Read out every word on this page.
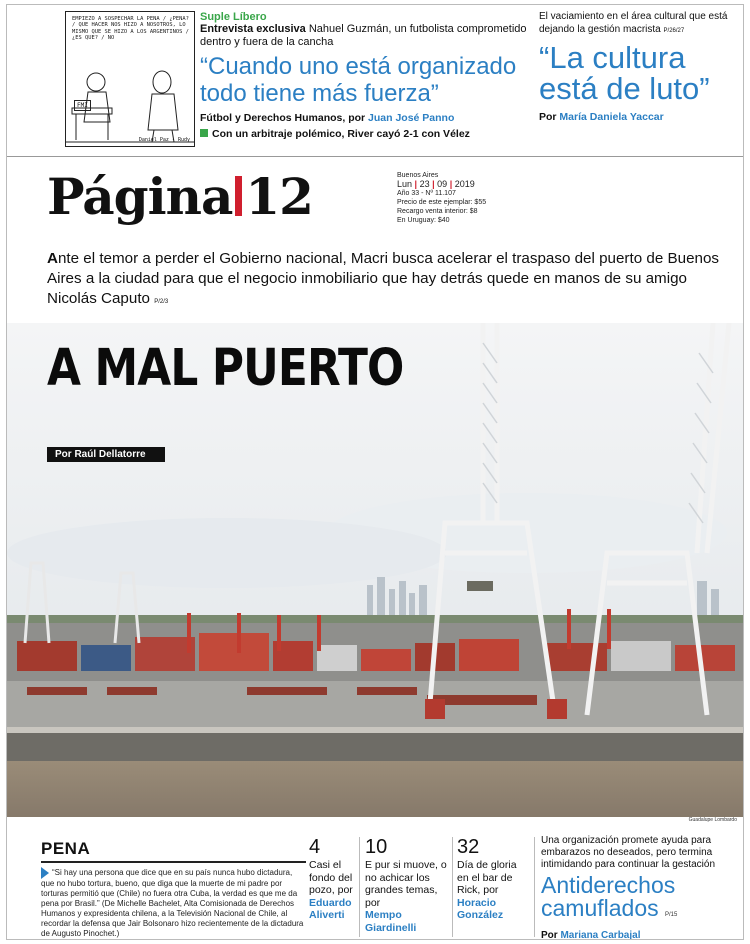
EMPIEZO A SOSPECHAR LA PENA / ¿PENA? / QUE HACER NOS HIZO A NOSOTROS, LO MISMO QUE SE HIZO A LOS ARGENTINOS / ¿ES QUE? / NO
FMI
Daniel Paz - Rudy
Suple Líbero
Entrevista exclusiva Nahuel Guzmán, un futbolista comprometido dentro y fuera de la cancha
“Cuando uno está organizado todo tiene más fuerza”
Fútbol y Derechos Humanos, por Juan José Panno
Con un arbitraje polémico, River cayó 2-1 con Vélez
El vaciamiento en el área cultural que está dejando la gestión macrista P/26/27
“La cultura está de luto”
Por María Daniela Yaccar
Página 12	Buenos Aires
Lun | 23 | 09 | 2019
Año 33 - Nº 11.107
Precio de este ejemplar: $55
Recargo venta interior: $8
En Uruguay: $40
Ante el temor a perder el Gobierno nacional, Macri busca acelerar el traspaso del puerto de Buenos Aires a la ciudad para que el negocio inmobiliario que hay detrás quede en manos de su amigo Nicolás Caputo P/2/3
A MAL PUERTO
Por Raúl Dellatorre
Guadalupe Lombardo
PENA

“Si hay una persona que dice que en su país nunca hubo dictadura, que no hubo tortura, bueno, que diga que la muerte de mi padre por torturas permitió que (Chile) no fuera otra Cuba, la verdad es que me da pena por Brasil.” (De Michelle Bachelet, Alta Comisionada de Derechos Humanos y expresidenta chilena, a la Televisión Nacional de Chile, al recordar la defensa que Jair Bolsonaro hizo recientemente de la dictadura de Augusto Pinochet.)

4
Casi el fondo del pozo, por
Eduardo Aliverti
10
E pur si muove, o no achicar los grandes temas, por
Mempo Giardinelli
32
Día de gloria en el bar de Rick, por
Horacio González
Una organización promete ayuda para embarazos no deseados, pero termina intimidando para continuar la gestación
Antiderechos camuflados P/15
Por Mariana Carbajal
